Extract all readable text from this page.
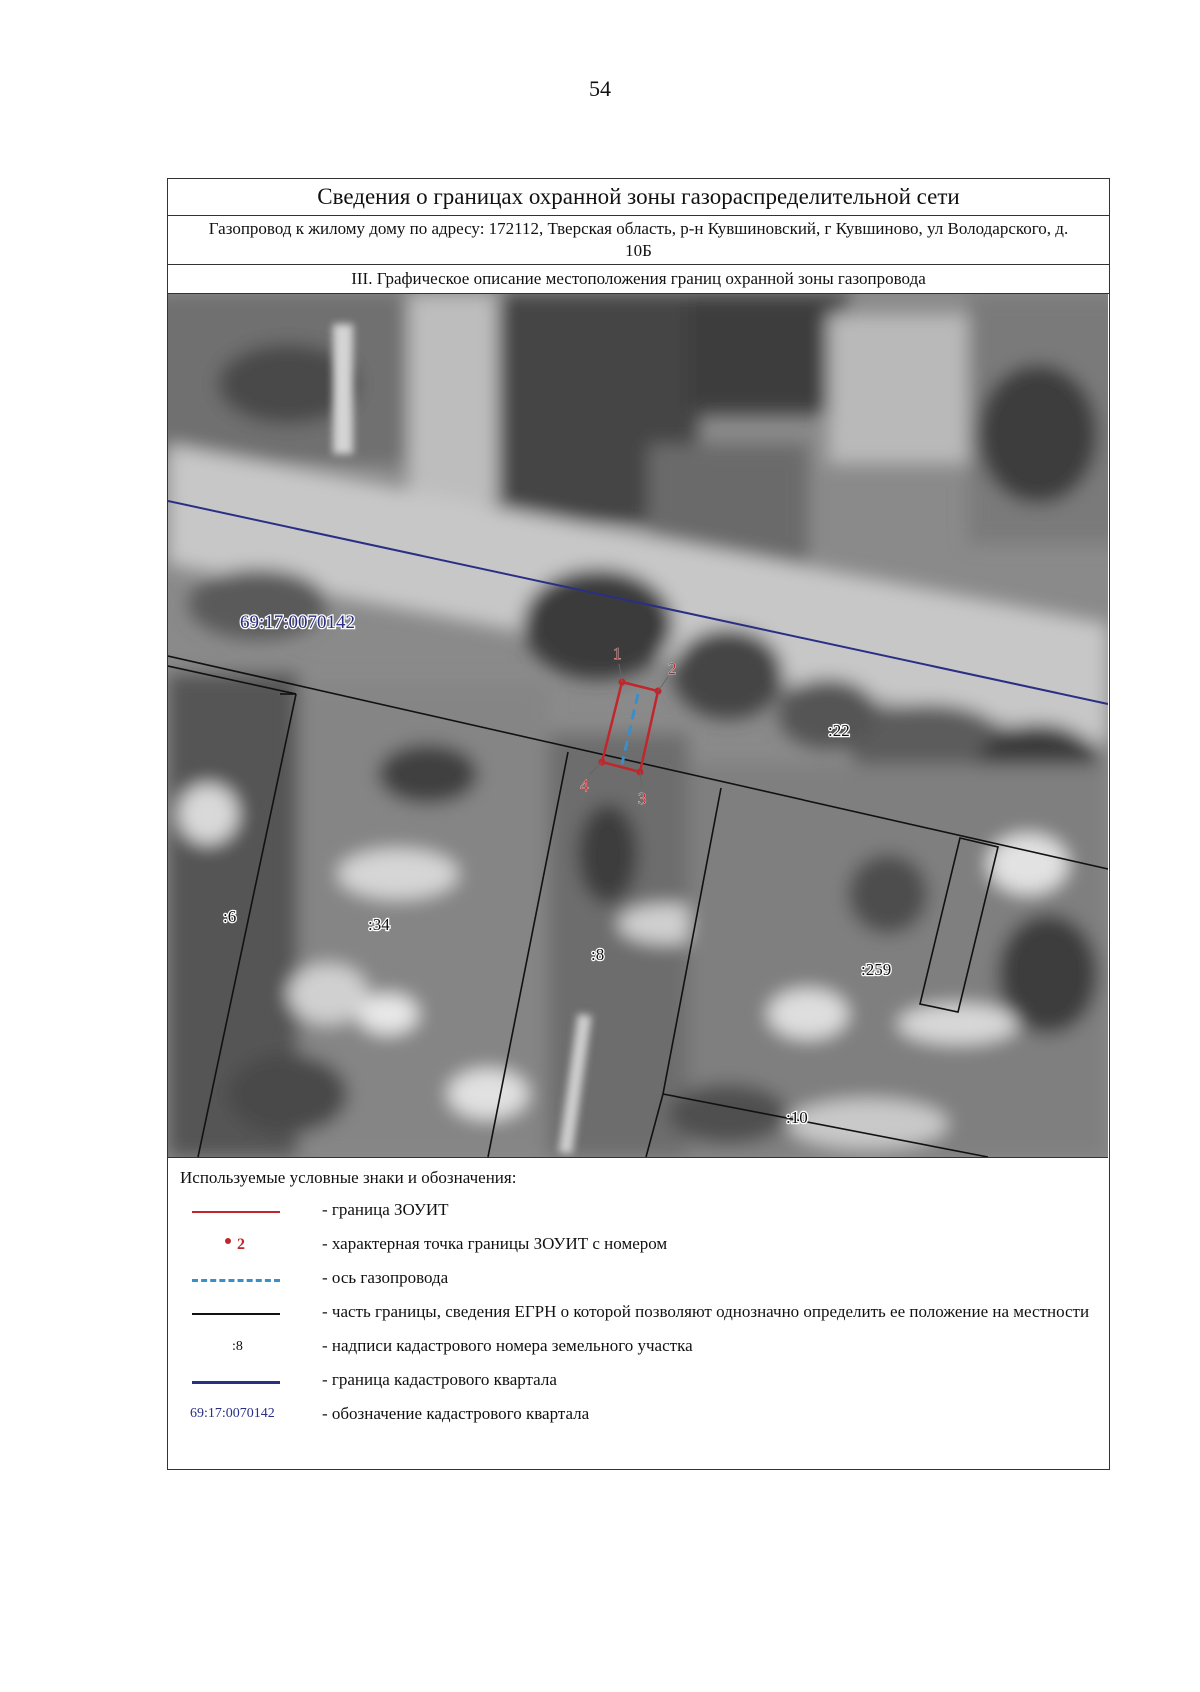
54
Сведения о границах охранной зоны газораспределительной сети
Газопровод к жилому дому по адресу: 172112, Тверская область, р-н Кувшиновский, г Кувшиново, ул Володарского, д. 10Б
III. Графическое описание местоположения границ охранной зоны газопровода
1
2
3
4
69:17:0070142
:6	:34
:8
:22
:259
:10
Используемые условные знаки и обозначения:
- граница ЗОУИТ
2	- характерная точка границы ЗОУИТ с номером
- ось газопровода
- часть границы, сведения ЕГРН о которой позволяют однозначно определить ее положение на местности
:8	- надписи кадастрового номера земельного участка
- граница кадастрового квартала
69:17:0070142	- обозначение кадастрового квартала
